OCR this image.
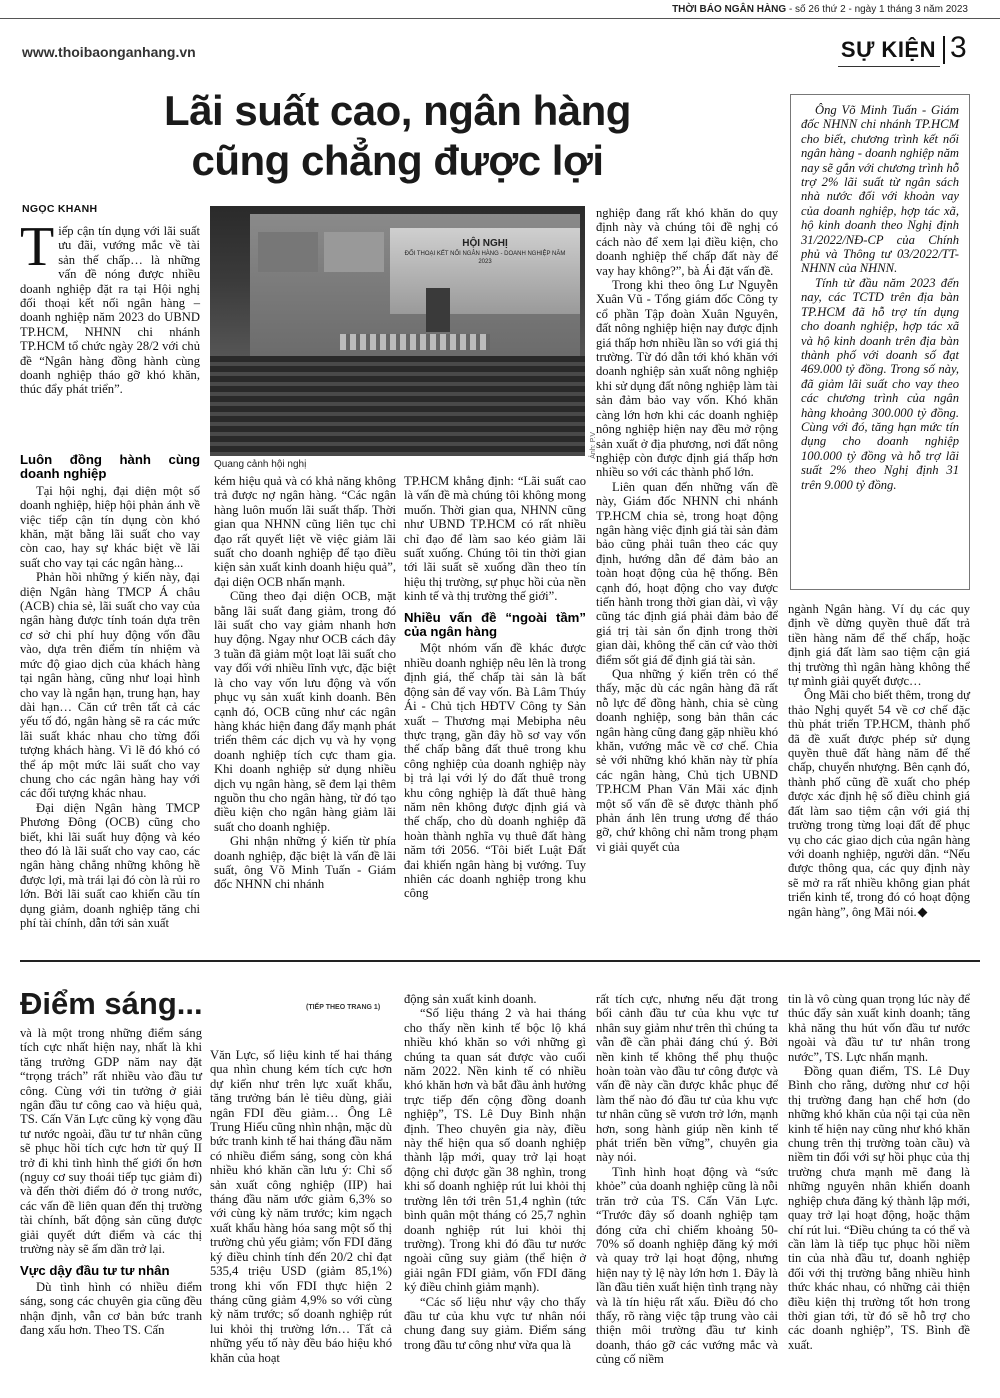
THỜI BÁO NGÂN HÀNG - số 26 thứ 2 - ngày 1 tháng 3 năm 2023
www.thoibaonganhang.vn	SỰ KIỆN 3
Lãi suất cao, ngân hàng
cũng chẳng được lợi
NGỌC KHANH
Tiếp cận tín dụng với lãi suất ưu đãi, vướng mắc về tài sản thế chấp… là những vấn đề nóng được nhiều doanh nghiệp đặt ra tại Hội nghị đối thoại kết nối ngân hàng – doanh nghiệp năm 2023 do UBND TP.HCM, NHNN chi nhánh TP.HCM tổ chức ngày 28/2 với chủ đề “Ngân hàng đồng hành cùng doanh nghiệp tháo gỡ khó khăn, thúc đẩy phát triển”.
HỘI NGHỊ
ĐỐI THOẠI KẾT NỐI NGÂN HÀNG - DOANH NGHIỆP NĂM 2023
Ảnh: P.V
Quang cảnh hội nghị
Luôn đồng hành cùng doanh nghiệp

Tại hội nghị, đại diện một số doanh nghiệp, hiệp hội phản ánh về việc tiếp cận tín dụng còn khó khăn, mặt bằng lãi suất cho vay còn cao, hay sự khác biệt về lãi suất cho vay tại các ngân hàng...

Phản hồi những ý kiến này, đại diện Ngân hàng TMCP Á châu (ACB) chia sẻ, lãi suất cho vay của ngân hàng được tính toán dựa trên cơ sở chi phí huy động vốn đầu vào, dựa trên điểm tín nhiệm và mức độ giao dịch của khách hàng tại ngân hàng, cũng như loại hình cho vay là ngắn hạn, trung hạn, hay dài hạn… Căn cứ trên tất cả các yếu tố đó, ngân hàng sẽ ra các mức lãi suất khác nhau cho từng đối tượng khách hàng. Vì lẽ đó khó có thể áp một mức lãi suất cho vay chung cho các ngân hàng hay với các đối tượng khác nhau.

Đại diện Ngân hàng TMCP Phương Đông (OCB) cũng cho biết, khi lãi suất huy động và kéo theo đó là lãi suất cho vay cao, các ngân hàng chẳng những không hề được lợi, mà trái lại đó còn là rủi ro lớn. Bởi lãi suất cao khiến cầu tín dụng giảm, doanh nghiệp tăng chi phí tài chính, dẫn tới sản xuất

kém hiệu quả và có khả năng không trả được nợ ngân hàng. “Các ngân hàng luôn muốn lãi suất thấp. Thời gian qua NHNN cũng liên tục chỉ đạo rất quyết liệt về việc giảm lãi suất cho doanh nghiệp để tạo điều kiện sản xuất kinh doanh hiệu quả”, đại diện OCB nhấn mạnh.

Cũng theo đại diện OCB, mặt bằng lãi suất đang giảm, trong đó lãi suất cho vay giảm nhanh hơn huy động. Ngay như OCB cách đây 3 tuần đã giảm một loạt lãi suất cho vay đối với nhiều lĩnh vực, đặc biệt là cho vay vốn lưu động và vốn phục vụ sản xuất kinh doanh. Bên cạnh đó, OCB cũng như các ngân hàng khác hiện đang đẩy mạnh phát triển thêm các dịch vụ và hy vọng doanh nghiệp tích cực tham gia. Khi doanh nghiệp sử dụng nhiều dịch vụ ngân hàng, sẽ đem lại thêm nguồn thu cho ngân hàng, từ đó tạo điều kiện cho ngân hàng giảm lãi suất cho doanh nghiệp.

Ghi nhận những ý kiến từ phía doanh nghiệp, đặc biệt là vấn đề lãi suất, ông Võ Minh Tuấn - Giám đốc NHNN chi nhánh

TP.HCM khẳng định: “Lãi suất cao là vấn đề mà chúng tôi không mong muốn. Thời gian qua, NHNN cũng như UBND TP.HCM có rất nhiều chỉ đạo để làm sao kéo giảm lãi suất xuống. Chúng tôi tin thời gian tới lãi suất sẽ xuống dần theo tín hiệu thị trường, sự phục hồi của nền kinh tế và thị trường thế giới”.

Nhiều vấn đề “ngoài tầm” của ngân hàng

Một nhóm vấn đề khác được nhiều doanh nghiệp nêu lên là trong định giá, thế chấp tài sản là bất động sản để vay vốn. Bà Lâm Thúy Ái - Chủ tịch HĐTV Công ty Sản xuất – Thương mại Mebipha nêu thực trạng, gần đây hồ sơ vay vốn thế chấp bằng đất thuê trong khu công nghiệp của doanh nghiệp này bị trả lại với lý do đất thuê trong khu công nghiệp là đất thuê hàng năm nên không được định giá và thế chấp, cho dù doanh nghiệp đã hoàn thành nghĩa vụ thuê đất hàng năm tới 2056. “Tôi biết Luật Đất đai khiến ngân hàng bị vướng. Tuy nhiên các doanh nghiệp trong khu công

nghiệp đang rất khó khăn do quy định này và chúng tôi đề nghị có cách nào để xem lại điều kiện, cho doanh nghiệp thế chấp đất này để vay hay không?”, bà Ái đặt vấn đề.

Trong khi theo ông Lư Nguyễn Xuân Vũ - Tổng giám đốc Công ty cổ phần Tập đoàn Xuân Nguyên, đất nông nghiệp hiện nay được định giá thấp hơn nhiều lần so với giá thị trường. Từ đó dẫn tới khó khăn với doanh nghiệp sản xuất nông nghiệp khi sử dụng đất nông nghiệp làm tài sản đảm bảo vay vốn. Khó khăn càng lớn hơn khi các doanh nghiệp nông nghiệp hiện nay đều mở rộng sản xuất ở địa phương, nơi đất nông nghiệp còn được định giá thấp hơn nhiều so với các thành phố lớn.

Liên quan đến những vấn đề này, Giám đốc NHNN chi nhánh TP.HCM chia sẻ, trong hoạt động ngân hàng việc định giá tài sản đảm bảo cũng phải tuân theo các quy định, hướng dẫn để đảm bảo an toàn hoạt động của hệ thống. Bên cạnh đó, hoạt động cho vay được tiến hành trong thời gian dài, vì vậy cũng tác định giá phải đảm bảo để giá trị tài sản ổn định trong thời gian dài, không thể căn cứ vào thời điểm sốt giá để định giá tài sản.

Qua những ý kiến trên có thể thấy, mặc dù các ngân hàng đã rất nỗ lực để đồng hành, chia sẻ cùng doanh nghiệp, song bản thân các ngân hàng cũng đang gặp nhiều khó khăn, vướng mắc về cơ chế. Chia sẻ với những khó khăn này từ phía các ngân hàng, Chủ tịch UBND TP.HCM Phan Văn Mãi xác định một số vấn đề sẽ được thành phố phản ánh lên trung ương để tháo gỡ, chứ không chỉ nằm trong phạm vi giải quyết của

Ông Võ Minh Tuấn - Giám đốc NHNN chi nhánh TP.HCM cho biết, chương trình kết nối ngân hàng - doanh nghiệp năm nay sẽ gắn với chương trình hỗ trợ 2% lãi suất từ ngân sách nhà nước đối với khoản vay của doanh nghiệp, hợp tác xã, hộ kinh doanh theo Nghị định 31/2022/NĐ-CP của Chính phủ và Thông tư 03/2022/TT-NHNN của NHNN.

Tính từ đầu năm 2023 đến nay, các TCTD trên địa bàn TP.HCM đã hỗ trợ tín dụng cho doanh nghiệp, hợp tác xã và hộ kinh doanh trên địa bàn thành phố với doanh số đạt 469.000 tỷ đồng. Trong số này, đã giảm lãi suất cho vay theo các chương trình của ngân hàng khoảng 300.000 tỷ đồng. Cùng với đó, tăng hạn mức tín dụng cho doanh nghiệp 100.000 tỷ đồng và hỗ trợ lãi suất 2% theo Nghị định 31 trên 9.000 tỷ đồng.

ngành Ngân hàng. Ví dụ các quy định về dừng quyền thuê đất trả tiền hàng năm để thế chấp, hoặc định giá đất làm sao tiệm cận giá thị trường thì ngân hàng không thể tự mình giải quyết được…

Ông Mãi cho biết thêm, trong dự thảo Nghị quyết 54 về cơ chế đặc thù phát triển TP.HCM, thành phố đã đề xuất được phép sử dụng quyền thuê đất hàng năm để thế chấp, chuyển nhượng. Bên cạnh đó, thành phố cũng đề xuất cho phép được xác định hệ số điều chỉnh giá đất làm sao tiệm cận với giá thị trường trong từng loại đất để phục vụ cho các giao dịch của ngân hàng với doanh nghiệp, người dân. “Nếu được thông qua, các quy định này sẽ mở ra rất nhiều không gian phát triển kinh tế, trong đó có hoạt động ngân hàng”, ông Mãi nói.

Điểm sáng...	(TIẾP THEO TRANG 1)

và là một trong những điểm sáng tích cực nhất hiện nay, nhất là khi tăng trưởng GDP năm nay đặt “trọng trách” rất nhiều vào đầu tư công. Cùng với tin tưởng ở giải ngân đầu tư công cao và hiệu quả, TS. Cấn Văn Lực cũng kỳ vọng đầu tư nước ngoài, đầu tư tư nhân cũng sẽ phục hồi tích cực hơn từ quý II trở đi khi tình hình thế giới ổn hơn (nguy cơ suy thoái tiếp tục giảm đi) và đến thời điểm đó ở trong nước, các vấn đề liên quan đến thị trường tài chính, bất động sản cũng được giải quyết dứt điểm và các thị trường này sẽ ấm dần trở lại.

Vực dậy đầu tư tư nhân

Dù tình hình có nhiều điểm sáng, song các chuyên gia cũng đều nhận định, vẫn cơ bản bức tranh đang xấu hơn. Theo TS. Cấn

Văn Lực, số liệu kinh tế hai tháng qua nhìn chung kém tích cực hơn dự kiến như trên lực xuất khẩu, tăng trưởng bán lẻ tiêu dùng, giải ngân FDI đều giảm… Ông Lê Trung Hiếu cũng nhìn nhận, mặc dù bức tranh kinh tế hai tháng đầu năm có nhiều điểm sáng, song còn khá nhiều khó khăn cần lưu ý: Chỉ số sản xuất công nghiệp (IIP) hai tháng đầu năm ước giảm 6,3% so với cùng kỳ năm trước; kim ngạch xuất khẩu hàng hóa sang một số thị trường chủ yếu giảm; vốn FDI đăng ký điều chỉnh tính đến 20/2 chỉ đạt 535,4 triệu USD (giảm 85,1%) trong khi vốn FDI thực hiện 2 tháng cũng giảm 4,9% so với cùng kỳ năm trước; số doanh nghiệp rút lui khỏi thị trường lớn… Tất cả những yếu tố này đều báo hiệu khó khăn của hoạt

động sản xuất kinh doanh.

“Số liệu tháng 2 và hai tháng cho thấy nền kinh tế bộc lộ khá nhiều khó khăn so với những gì chúng ta quan sát được vào cuối năm 2022. Nền kinh tế có nhiều khó khăn hơn và bắt đầu ảnh hưởng trực tiếp đến cộng đồng doanh nghiệp”, TS. Lê Duy Bình nhận định. Theo chuyên gia này, điều này thể hiện qua số doanh nghiệp thành lập mới, quay trở lại hoạt động chỉ được gần 38 nghìn, trong khi số doanh nghiệp rút lui khỏi thị trường lên tới trên 51,4 nghìn (tức bình quân một tháng có 25,7 nghìn doanh nghiệp rút lui khỏi thị trường). Trong khi đó đầu tư nước ngoài cũng suy giảm (thể hiện ở giải ngân FDI giảm, vốn FDI đăng ký điều chỉnh giảm mạnh).

“Các số liệu như vậy cho thấy đầu tư của khu vực tư nhân nói chung đang suy giảm. Điểm sáng trong đầu tư công như vừa qua là

rất tích cực, nhưng nếu đặt trong bối cảnh đầu tư của khu vực tư nhân suy giảm như trên thì chúng ta vẫn đề cần phải đáng chú ý. Bởi nền kinh tế không thể phụ thuộc hoàn toàn vào đầu tư công được và vấn đề này cần được khắc phục để làm thế nào đó đầu tư của khu vực tư nhân cũng sẽ vươn trở lớn, mạnh hơn, song hành giúp nền kinh tế phát triển bền vững”, chuyên gia này nói.

Tình hình hoạt động và “sức khỏe” của doanh nghiệp cũng là nỗi trăn trở của TS. Cấn Văn Lực. “Trước đây số doanh nghiệp tạm đóng cửa chỉ chiếm khoảng 50-70% số doanh nghiệp đăng ký mới và quay trở lại hoạt động, nhưng hiện nay tỷ lệ này lớn hơn 1. Đây là lần đầu tiên xuất hiện tình trạng này và là tín hiệu rất xấu. Điều đó cho thấy, rõ ràng việc tập trung vào cải thiện môi trường đầu tư kinh doanh, tháo gỡ các vướng mắc và củng cố niềm

tin là vô cùng quan trọng lúc này để thúc đẩy sản xuất kinh doanh; tăng khả năng thu hút vốn đầu tư nước ngoài và đầu tư tư nhân trong nước”, TS. Lực nhấn mạnh.

Đồng quan điểm, TS. Lê Duy Bình cho rằng, dường như cơ hội thị trường đang hạn chế hơn (do những khó khăn của nội tại của nền kinh tế hiện nay cũng như khó khăn chung trên thị trường toàn cầu) và niềm tin đối với sự hồi phục của thị trường chưa mạnh mẽ đang là những nguyên nhân khiến doanh nghiệp chưa đăng ký thành lập mới, quay trở lại hoạt động, hoặc thậm chí rút lui. “Điều chúng ta có thể và cần làm là tiếp tục phục hồi niềm tin của nhà đầu tư, doanh nghiệp đối với thị trường bằng nhiều hình thức khác nhau, có những cải thiện điều kiện thị trường tốt hơn trong thời gian tới, từ đó sẽ hỗ trợ cho các doanh nghiệp”, TS. Bình đề xuất.
